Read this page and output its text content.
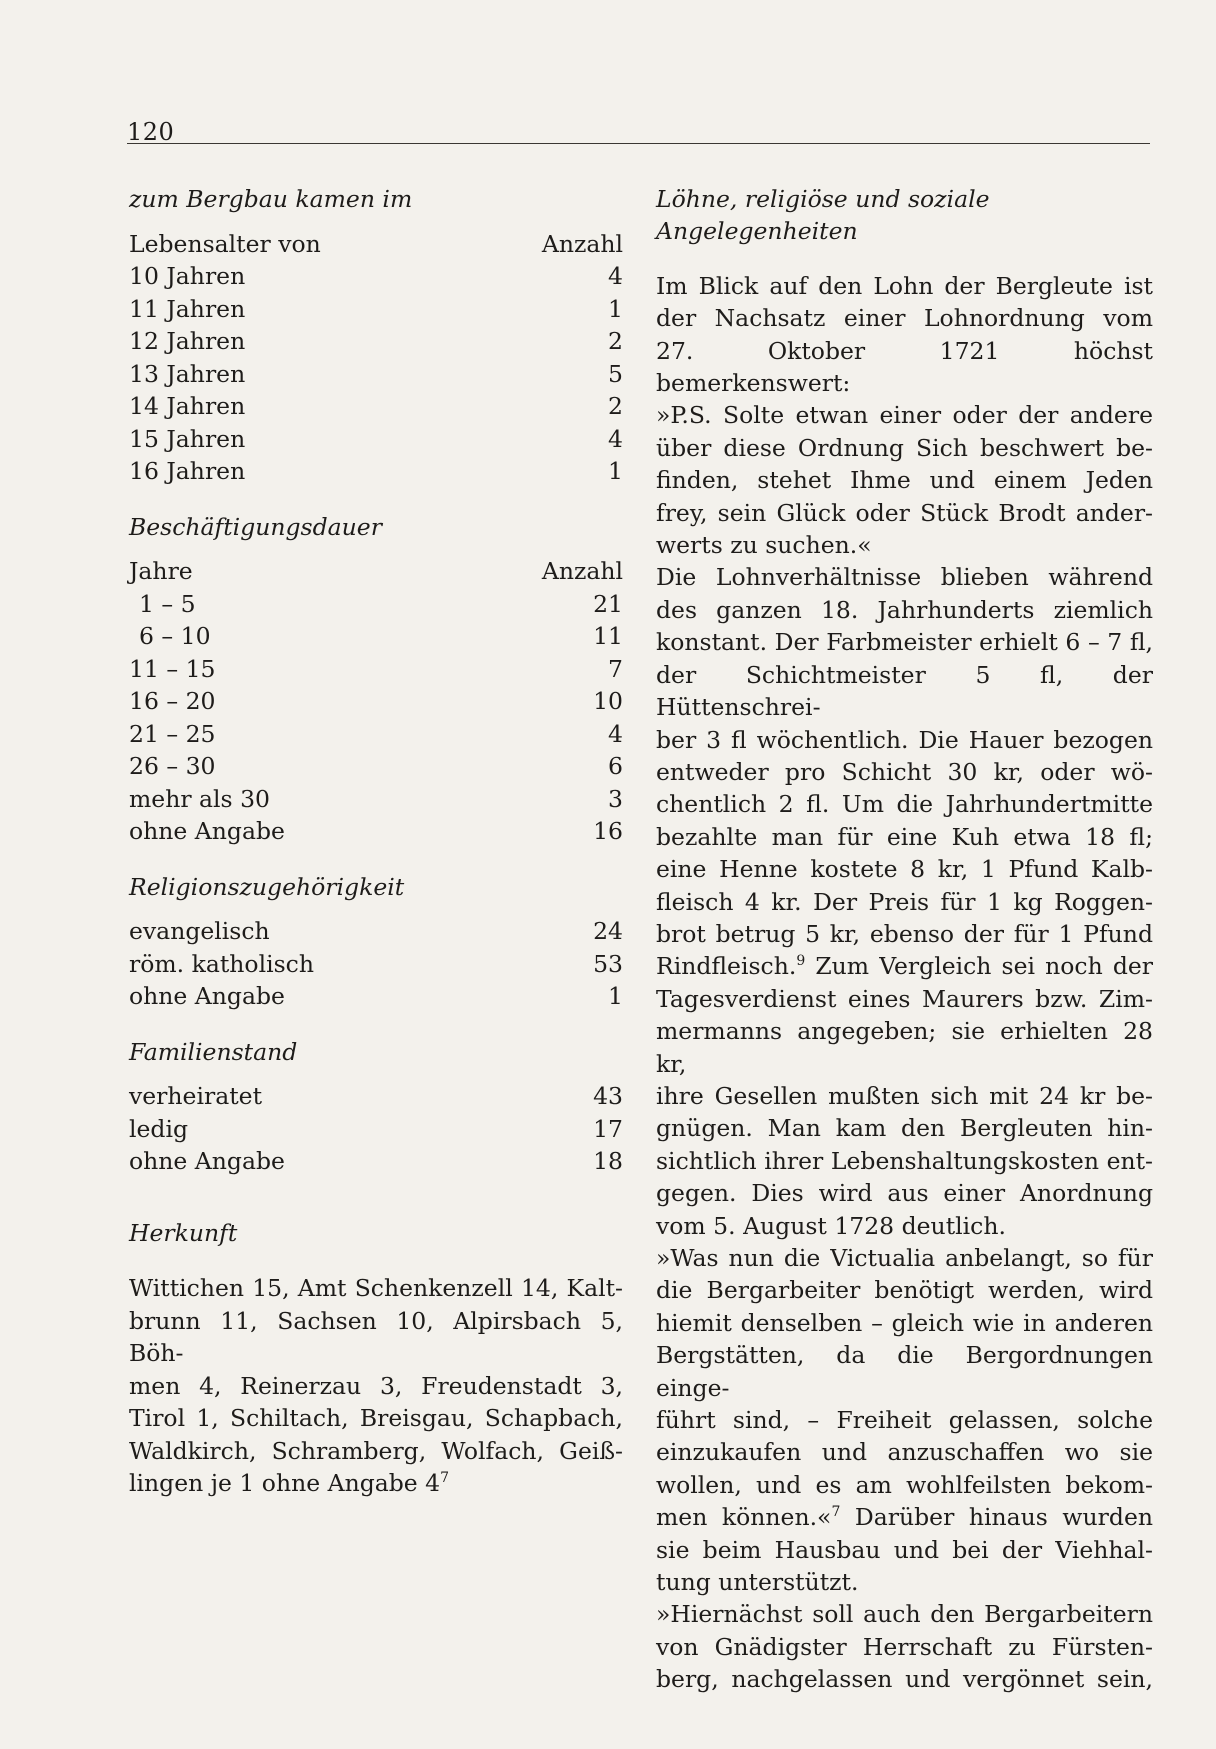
120
zum Bergbau kamen im
Lebensalter von	Anzahl
10 Jahren	4
11 Jahren	1
12 Jahren	2
13 Jahren	5
14 Jahren	2
15 Jahren	4
16 Jahren	1
Beschäftigungsdauer
Jahre	Anzahl
1 – 5	21
6 – 10	11
11 – 15	7
16 – 20	10
21 – 25	4
26 – 30	6
mehr als 30	3
ohne Angabe	16
Religionszugehörigkeit
evangelisch	24
röm. katholisch	53
ohne Angabe	1
Familienstand
verheiratet	43
ledig	17
ohne Angabe	18
Herkunft

Wittichen 15, Amt Schenkenzell 14, Kalt-

brunn 11, Sachsen 10, Alpirsbach 5, Böh-

men 4, Reinerzau 3, Freudenstadt 3,

Tirol 1, Schiltach, Breisgau, Schapbach,

Waldkirch, Schramberg, Wolfach, Geiß-

lingen je 1 ohne Angabe $4^7$

Löhne, religiöse und soziale
Angelegenheiten

Im Blick auf den Lohn der Bergleute ist

der Nachsatz einer Lohnordnung vom

27. Oktober 1721 höchst bemerkenswert:

»P.S. Solte etwan einer oder der andere

über diese Ordnung Sich beschwert be-

finden, stehet Ihme und einem Jeden

frey, sein Glück oder Stück Brodt ander-

werts zu suchen.«

Die Lohnverhältnisse blieben während

des ganzen 18. Jahrhunderts ziemlich

konstant. Der Farbmeister erhielt 6 – 7 fl,

der Schichtmeister 5 fl, der Hüttenschrei-

ber 3 fl wöchentlich. Die Hauer bezogen

entweder pro Schicht 30 kr, oder wö-

chentlich 2 fl. Um die Jahrhundertmitte

bezahlte man für eine Kuh etwa 18 fl;

eine Henne kostete 8 kr, 1 Pfund Kalb-

fleisch 4 kr. Der Preis für 1 kg Roggen-

brot betrug 5 kr, ebenso der für 1 Pfund

Rindfleisch.$^9$ Zum Vergleich sei noch der

Tagesverdienst eines Maurers bzw. Zim-

mermanns angegeben; sie erhielten 28 kr,

ihre Gesellen mußten sich mit 24 kr be-

gnügen. Man kam den Bergleuten hin-

sichtlich ihrer Lebenshaltungskosten ent-

gegen. Dies wird aus einer Anordnung

vom 5. August 1728 deutlich.

»Was nun die Victualia anbelangt, so für

die Bergarbeiter benötigt werden, wird

hiemit denselben – gleich wie in anderen

Bergstätten, da die Bergordnungen einge-

führt sind, – Freiheit gelassen, solche

einzukaufen und anzuschaffen wo sie

wollen, und es am wohlfeilsten bekom-

men können.«$^7$ Darüber hinaus wurden

sie beim Hausbau und bei der Viehhal-

tung unterstützt.

»Hiernächst soll auch den Bergarbeitern

von Gnädigster Herrschaft zu Fürsten-

berg, nachgelassen und vergönnet sein,
